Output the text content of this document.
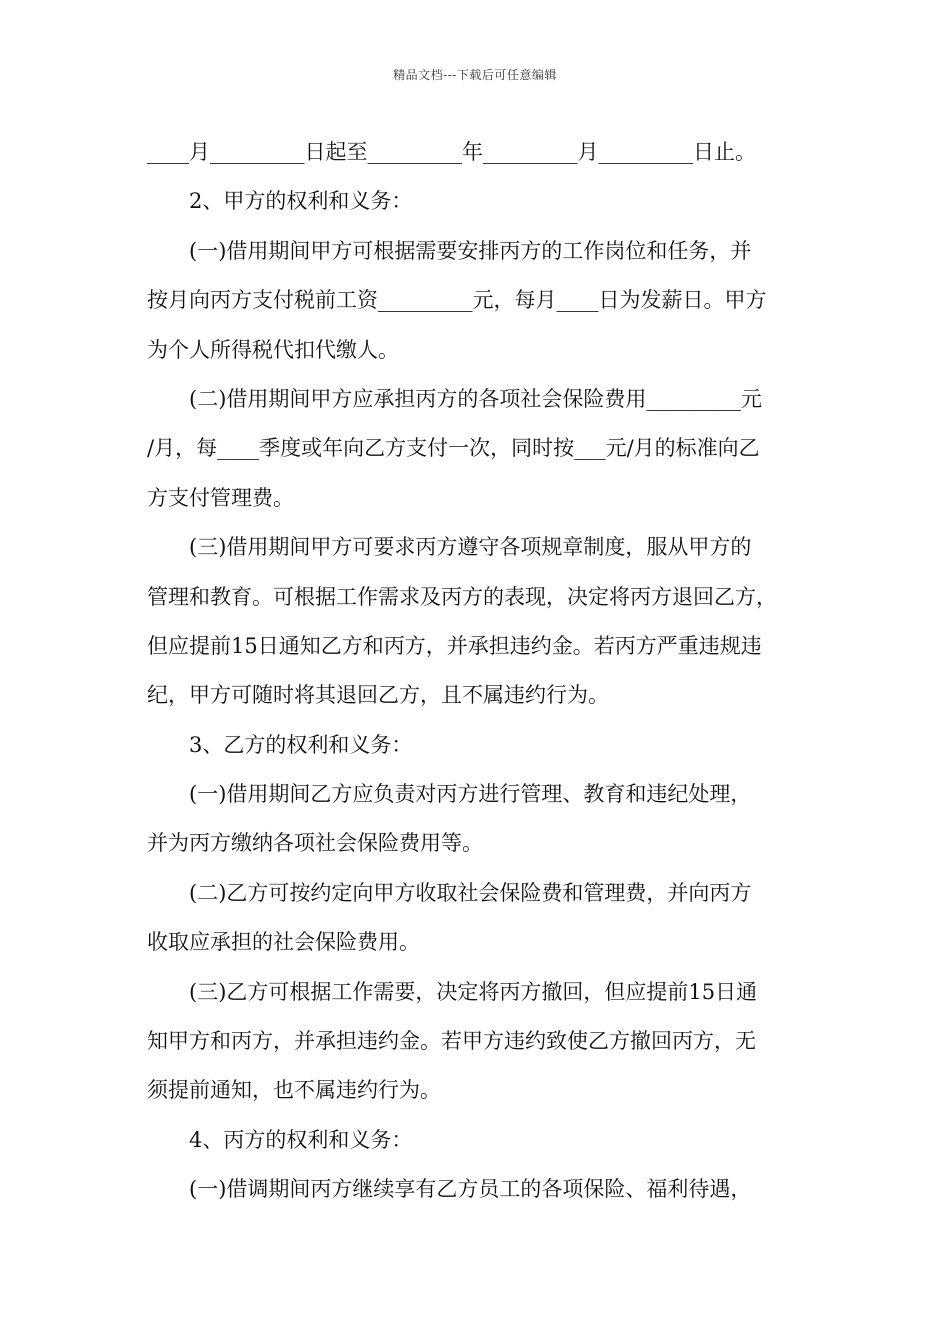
精品文档---下载后可任意编辑
____月_________日起至_________年_________月_________日止。
2、甲方的权利和义务：
(一)借用期间甲方可根据需要安排丙方的工作岗位和任务，并
按月向丙方支付税前工资_________元，每月____日为发薪日。甲方
为个人所得税代扣代缴人。
(二)借用期间甲方应承担丙方的各项社会保险费用_________元
/月，每____季度或年向乙方支付一次，同时按___元/月的标准向乙
方支付管理费。
(三)借用期间甲方可要求丙方遵守各项规章制度，服从甲方的
管理和教育。可根据工作需求及丙方的表现，决定将丙方退回乙方，
但应提前15日通知乙方和丙方，并承担违约金。若丙方严重违规违
纪，甲方可随时将其退回乙方，且不属违约行为。
3、乙方的权利和义务：
(一)借用期间乙方应负责对丙方进行管理、教育和违纪处理，
并为丙方缴纳各项社会保险费用等。
(二)乙方可按约定向甲方收取社会保险费和管理费，并向丙方
收取应承担的社会保险费用。
(三)乙方可根据工作需要，决定将丙方撤回，但应提前15日通
知甲方和丙方，并承担违约金。若甲方违约致使乙方撤回丙方，无
须提前通知，也不属违约行为。
4、丙方的权利和义务：
(一)借调期间丙方继续享有乙方员工的各项保险、福利待遇，
